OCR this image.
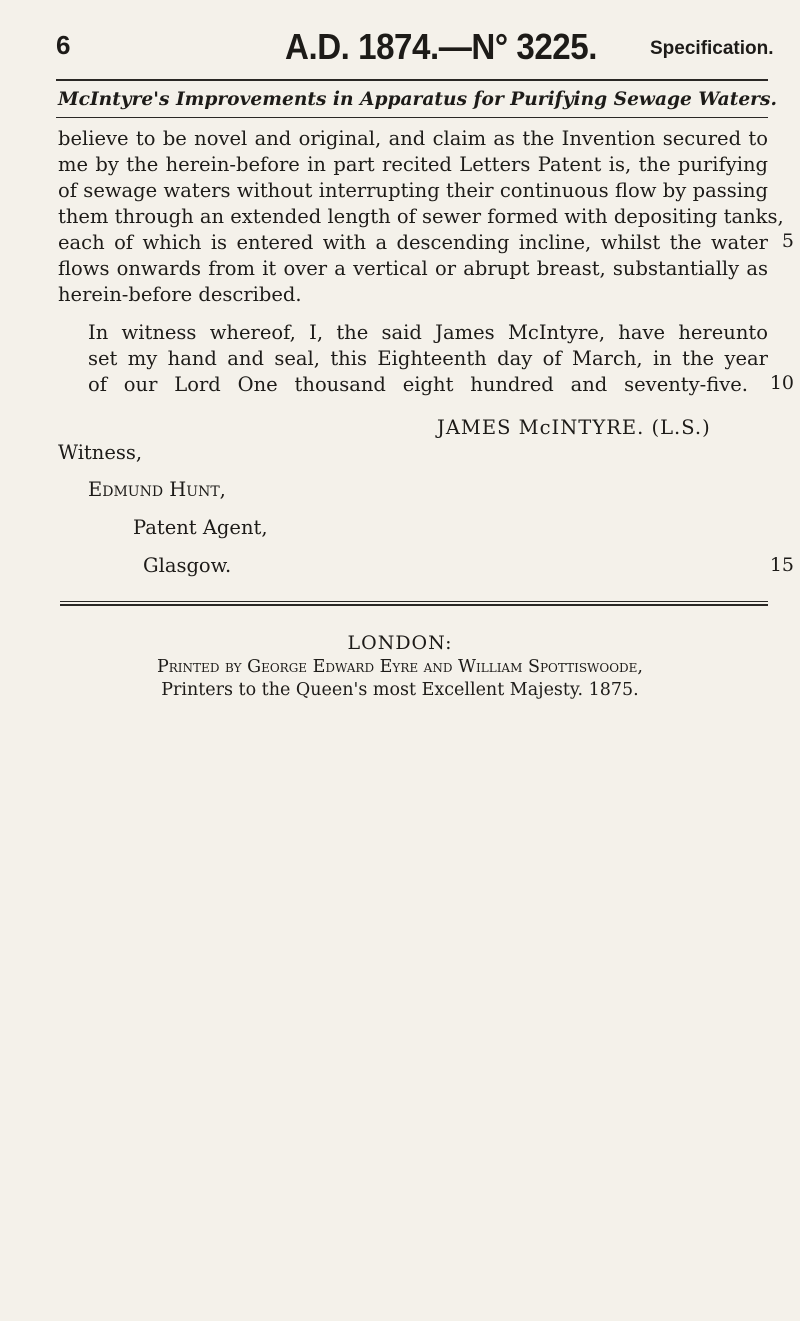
6	A.D. 1874.—N° 3225.	Specification.
McIntyre's Improvements in Apparatus for Purifying Sewage Waters.
believe to be novel and original, and claim as the Invention secured to
me by the herein-before in part recited Letters Patent is, the purifying
of sewage waters without interrupting their continuous flow by passing
them through an extended length of sewer formed with depositing tanks,
each of which is entered with a descending incline, whilst the water
flows onwards from it over a vertical or abrupt breast, substantially as
herein-before described.
In witness whereof, I, the said James McIntyre, have hereunto
set my hand and seal, this Eighteenth day of March, in the year
of our Lord One thousand eight hundred and seventy-five.
5
10
15
JAMES McINTYRE. (L.S.)
Witness,
Edmund Hunt,
Patent Agent,
Glasgow.
LONDON:
Printed by George Edward Eyre and William Spottiswoode,
Printers to the Queen's most Excellent Majesty. 1875.
